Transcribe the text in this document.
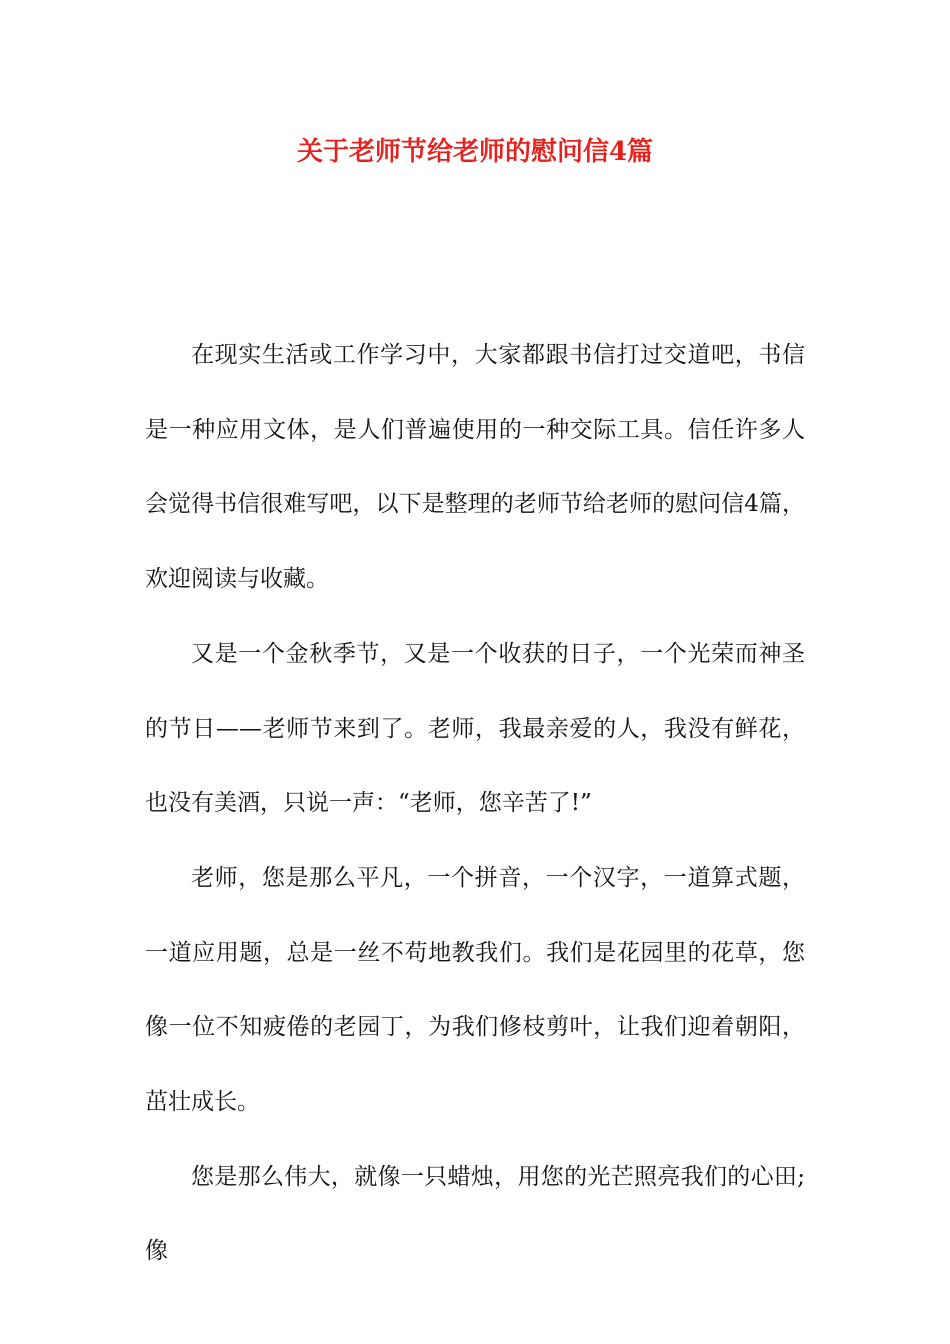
关于老师节给老师的慰问信4篇

在现实生活或工作学习中，大家都跟书信打过交道吧，书信是一种应用文体，是人们普遍使用的一种交际工具。信任许多人会觉得书信很难写吧，以下是整理的老师节给老师的慰问信4篇，欢迎阅读与收藏。

又是一个金秋季节，又是一个收获的日子，一个光荣而神圣的节日——老师节来到了。老师，我最亲爱的人，我没有鲜花，也没有美酒，只说一声：“老师，您辛苦了!”

老师，您是那么平凡，一个拼音，一个汉字，一道算式题，一道应用题，总是一丝不苟地教我们。我们是花园里的花草，您像一位不知疲倦的老园丁，为我们修枝剪叶，让我们迎着朝阳，茁壮成长。

您是那么伟大，就像一只蜡烛，用您的光芒照亮我们的心田;像
